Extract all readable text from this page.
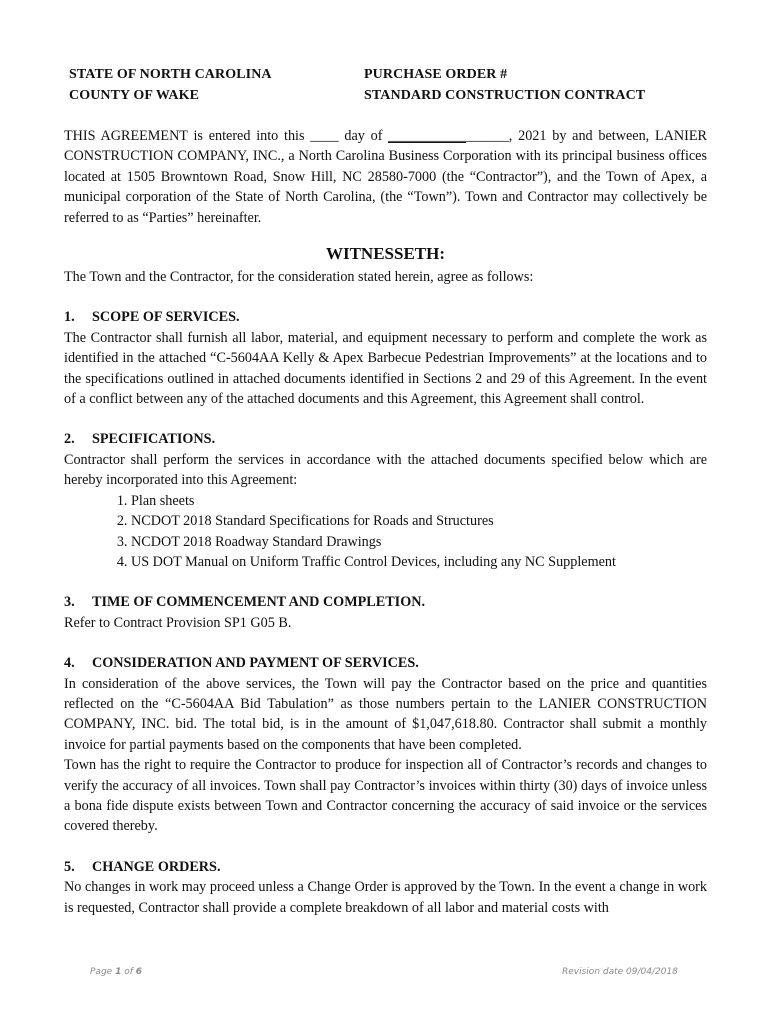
STATE OF NORTH CAROLINA
COUNTY OF WAKE
PURCHASE ORDER #
STANDARD CONSTRUCTION CONTRACT

THIS AGREEMENT is entered into this ____ day of _________________, 2021 by and between, LANIER CONSTRUCTION COMPANY, INC., a North Carolina Business Corporation with its principal business offices located at 1505 Browntown Road, Snow Hill, NC 28580-7000 (the “Contractor”), and the Town of Apex, a municipal corporation of the State of North Carolina, (the “Town”). Town and Contractor may collectively be referred to as “Parties” hereinafter.

WITNESSETH:

The Town and the Contractor, for the consideration stated herein, agree as follows:

1. SCOPE OF SERVICES.

The Contractor shall furnish all labor, material, and equipment necessary to perform and complete the work as identified in the attached “C-5604AA Kelly & Apex Barbecue Pedestrian Improvements” at the locations and to the specifications outlined in attached documents identified in Sections 2 and 29 of this Agreement. In the event of a conflict between any of the attached documents and this Agreement, this Agreement shall control.

2. SPECIFICATIONS.

Contractor shall perform the services in accordance with the attached documents specified below which are hereby incorporated into this Agreement:

1. Plan sheets
2. NCDOT 2018 Standard Specifications for Roads and Structures
3. NCDOT 2018 Roadway Standard Drawings
4. US DOT Manual on Uniform Traffic Control Devices, including any NC Supplement
3. TIME OF COMMENCEMENT AND COMPLETION.

Refer to Contract Provision SP1 G05 B.

4. CONSIDERATION AND PAYMENT OF SERVICES.

In consideration of the above services, the Town will pay the Contractor based on the price and quantities reflected on the “C-5604AA Bid Tabulation” as those numbers pertain to the LANIER CONSTRUCTION COMPANY, INC. bid. The total bid, is in the amount of $1,047,618.80. Contractor shall submit a monthly invoice for partial payments based on the components that have been completed.

Town has the right to require the Contractor to produce for inspection all of Contractor’s records and changes to verify the accuracy of all invoices. Town shall pay Contractor’s invoices within thirty (30) days of invoice unless a bona fide dispute exists between Town and Contractor concerning the accuracy of said invoice or the services covered thereby.

5. CHANGE ORDERS.

No changes in work may proceed unless a Change Order is approved by the Town. In the event a change in work is requested, Contractor shall provide a complete breakdown of all labor and material costs with

Page 1 of 6	Revision date 09/04/2018
